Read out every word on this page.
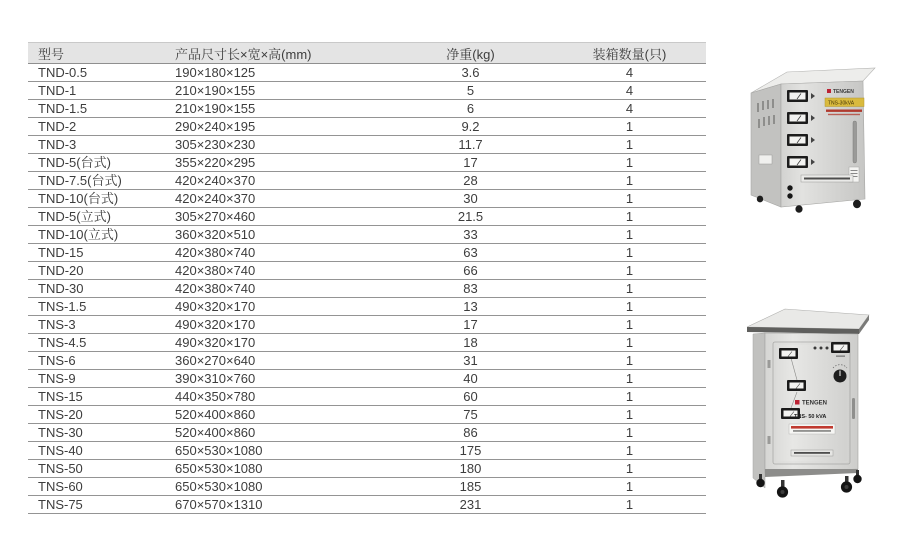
型号	产品尺寸长×宽×高(mm)	净重(kg)	装箱数量(只)
TND-0.5	190×180×125	3.6	4
TND-1	210×190×155	5	4
TND-1.5	210×190×155	6	4
TND-2	290×240×195	9.2	1
TND-3	305×230×230	11.7	1
TND-5(台式)	355×220×295	17	1
TND-7.5(台式)	420×240×370	28	1
TND-10(台式)	420×240×370	30	1
TND-5(立式)	305×270×460	21.5	1
TND-10(立式)	360×320×510	33	1
TND-15	420×380×740	63	1
TND-20	420×380×740	66	1
TND-30	420×380×740	83	1
TNS-1.5	490×320×170	13	1
TNS-3	490×320×170	17	1
TNS-4.5	490×320×170	18	1
TNS-6	360×270×640	31	1
TNS-9	390×310×760	40	1
TNS-15	440×350×780	60	1
TNS-20	520×400×860	75	1
TNS-30	520×400×860	86	1
TNS-40	650×530×1080	175	1
TNS-50	650×530×1080	180	1
TNS-60	650×530×1080	185	1
TNS-75	670×570×1310	231	1
TENGEN
TNS-30kVA
TENGEN
TNS- 50 kVA
